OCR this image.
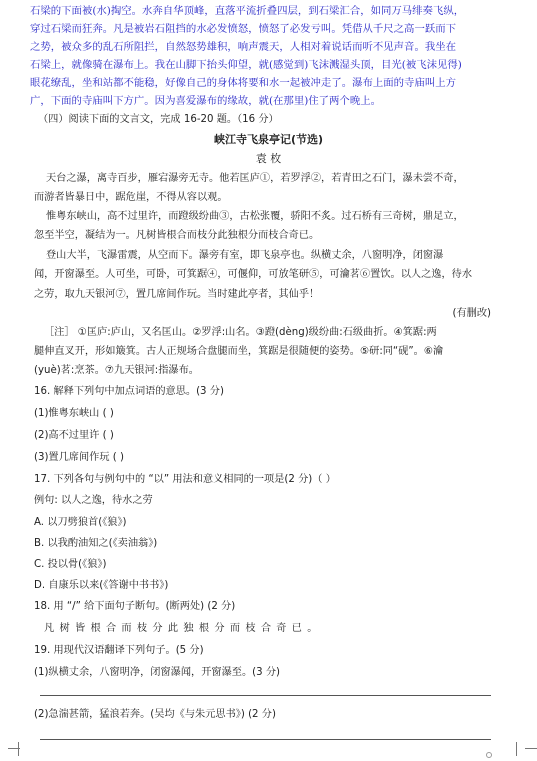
石梁的下面被(水)掏空。水奔自华顶峰，直落平流折叠四层，到石梁汇合，如同万马绯奏飞纵，
穿过石梁而狂奔。凡是被岩石阻挡的水必发愤怒，愤怒了必发亏叫。凭借从千尺之高一跃而下
之势，被众多的乱石所阻拦，自然怒势雄积，响声震天，人相对着说话而听不见声音。我坐在
石梁上，就像骑在瀑布上。我在山脚下抬头仰望，就(感觉到)飞沫溅湿头顶，目光(被飞沫见得)
眼花缭乱，坐和站都不能稳，好像自己的身体将要和水一起被冲走了。瀑布上面的寺庙叫上方
广，下面的寺庙叫下方广。因为喜爱瀑布的缘故，就(在那里)住了两个晚上。
（四）阅读下面的文言文，完成 16-20 题。（16 分）
峡江寺飞泉亭记(节选)
袁 枚
天台之瀑，离寺百步，雁宕瀑旁无寺。他若匡庐①，若罗浮②，若青田之石门，瀑未尝不奇，
而游者皆暴日中，踞危崖，不得从容以观。
惟粤东峡山，高不过里许，而蹬级纷曲③，古松张覆，骄阳不炙。过石桥有三奇树，鼎足立，
忽至半空，凝结为一。凡树皆根合而枝分此独根分而枝合奇已。
登山大半，飞瀑雷震，从空而下。瀑旁有室，即飞泉亭也。纵横丈余，八窗明净，闭窗瀑
闻，开窗瀑至。人可坐，可卧，可箕踞④，可偃仰，可放笔研⑤，可瀹茗⑥置饮。以人之逸，待水
之劳，取九天银河⑦，置几席间作玩。当时建此亭者，其仙乎！
(有删改)
［注］ ①匡庐:庐山，又名匡山。②罗浮:山名。③蹬(dèng)级纷曲:石级曲折。④箕踞:两
腿伸直叉开，形如簸箕。古人正规场合盘腿而坐，箕踞是很随便的姿势。⑤研:同“砚”。⑥瀹
(yuè)茗:烹茶。⑦九天银河:指瀑布。
16. 解释下列句中加点词语的意思。(3 分)
(1)惟粤东峡山 ( )
(2)高不过里许 ( )
(3)置几席间作玩 ( )
17. 下列各句与例句中的 “以” 用法和意义相同的一项是(2 分)（ ）
例句: 以人之逸，待水之劳
A. 以刀劈狼首(《狼》)
B. 以我酌油知之(《卖油翁》)
C. 投以骨(《狼》)
D. 自康乐以来(《答谢中书书》)
18. 用 “/” 给下面句子断句。(断两处) (2 分)
凡树皆根合而枝分此独根分而枝合奇已。
19. 用现代汉语翻译下列句子。(5 分)
(1)纵横丈余，八窗明净，闭窗瀑闻，开窗瀑至。(3 分)
(2)急湍甚箭，猛浪若奔。(吴均《与朱元思书》) (2 分)
